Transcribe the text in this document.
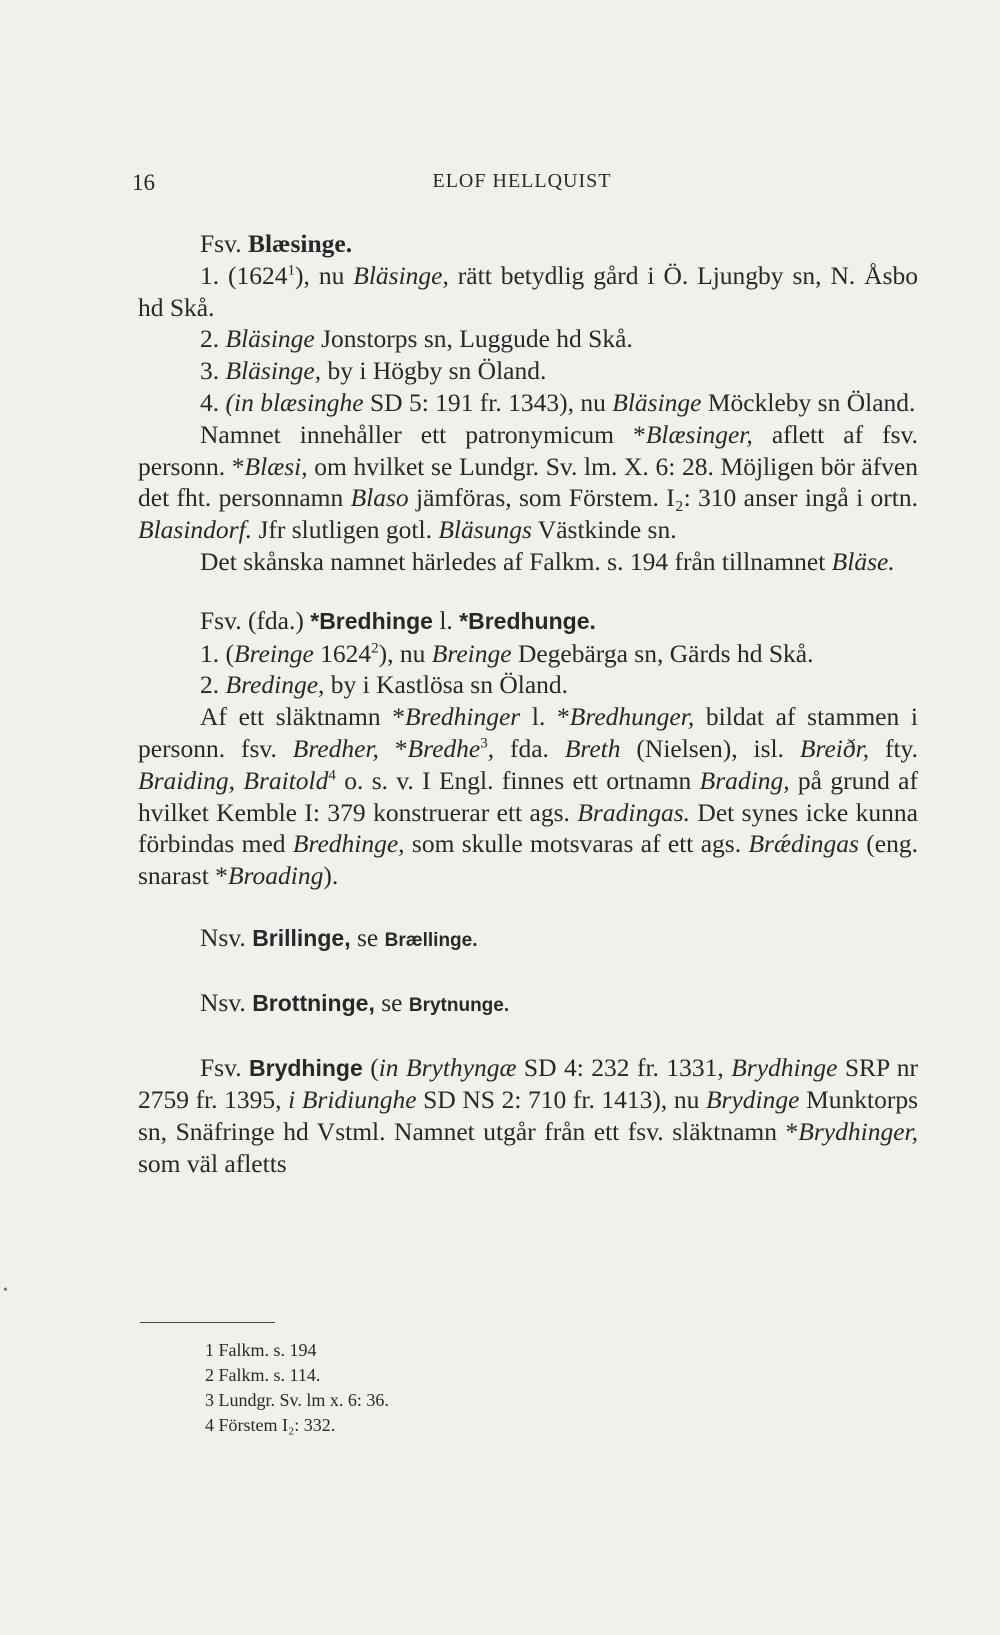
16	ELOF HELLQUIST

Fsv. Blæsinge.

1. (1624$^1$), nu Bläsinge, rätt betydlig gård i Ö. Ljungby sn, N. Åsbo hd Skå.

2. Bläsinge Jonstorps sn, Luggude hd Skå.

3. Bläsinge, by i Högby sn Öland.

4. (in blæsinghe SD 5: 191 fr. 1343), nu Bläsinge Möckleby sn Öland.

Namnet innehåller ett patronymicum *Blæsinger, aflett af fsv. personn. *Blæsi, om hvilket se Lundgr. Sv. lm. X. 6: 28. Möjligen bör äfven det fht. personnamn Blaso jämföras, som Förstem. I₂: 310 anser ingå i ortn. Blasindorf. Jfr slutligen gotl. Bläsungs Västkinde sn.

Det skånska namnet härledes af Falkm. s. 194 från tillnamnet Bläse.

Fsv. (fda.) *Bredhinge l. *Bredhunge.

1. (Breinge 1624$^2$), nu Breinge Degebärga sn, Gärds hd Skå.

2. Bredinge, by i Kastlösa sn Öland.

Af ett släktnamn *Bredhinger l. *Bredhunger, bildat af stammen i personn. fsv. Bredher, *Bredhe$^3$, fda. Breth (Nielsen), isl. Breiðr, fty. Braiding, Braitold$^4$ o. s. v. I Engl. finnes ett ortnamn Brading, på grund af hvilket Kemble I: 379 konstruerar ett ags. Bradingas. Det synes icke kunna förbindas med Bredhinge, som skulle motsvaras af ett ags. Brǽdingas (eng. snarast *Broading).

Nsv. Brillinge, se Brællinge.

Nsv. Brottninge, se Brytnunge.

Fsv. Brydhinge (in Brythyngæ SD 4: 232 fr. 1331, Brydhinge SRP nr 2759 fr. 1395, i Bridiunghe SD NS 2: 710 fr. 1413), nu Brydinge Munktorps sn, Snäfringe hd Vstml. Namnet utgår från ett fsv. släktnamn *Brydhinger, som väl afletts

1 Falkm. s. 194
2 Falkm. s. 114.
3 Lundgr. Sv. lm x. 6: 36.
4 Förstem I₂: 332.
•
